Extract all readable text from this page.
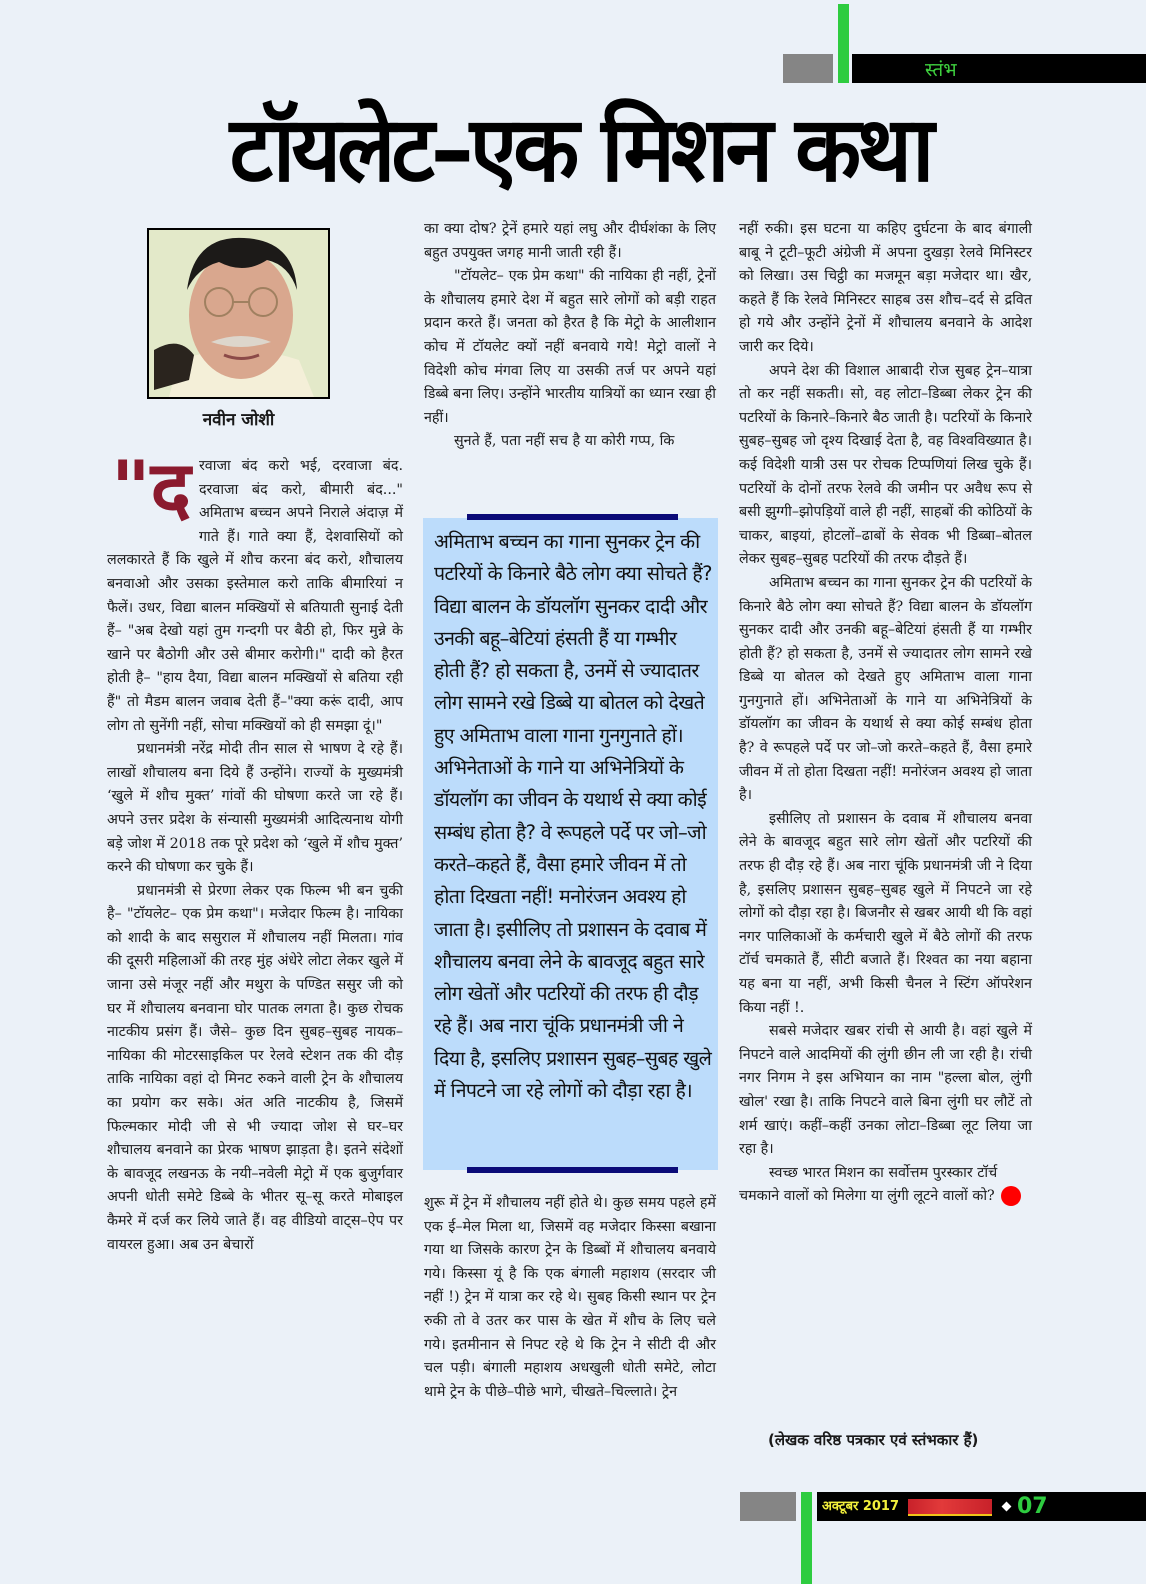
स्तंभ
टॉयलेट–एक मिशन कथा
नवीन जोशी

"द रवाजा बंद करो भई, दरवाजा बंद. दरवाजा बंद करो, बीमारी बंद..." अमिताभ बच्चन अपने निराले अंदाज़ में गाते हैं। गाते क्या हैं, देशवासियों को ललकारते हैं कि खुले में शौच करना बंद करो, शौचालय बनवाओ और उसका इस्तेमाल करो ताकि बीमारियां न फैलें। उधर, विद्या बालन मक्खियों से बतियाती सुनाई देती हैं– "अब देखो यहां तुम गन्दगी पर बैठी हो, फिर मुन्ने के खाने पर बैठोगी और उसे बीमार करोगी।" दादी को हैरत होती है– "हाय दैया, विद्या बालन मक्खियों से बतिया रही हैं" तो मैडम बालन जवाब देती हैं–"क्या करूं दादी, आप लोग तो सुनेंगी नहीं, सोचा मक्खियों को ही समझा दूं।"

प्रधानमंत्री नरेंद्र मोदी तीन साल से भाषण दे रहे हैं। लाखों शौचालय बना दिये हैं उन्होंने। राज्यों के मुख्यमंत्री ‘खुले में शौच मुक्त’ गांवों की घोषणा करते जा रहे हैं। अपने उत्तर प्रदेश के संन्यासी मुख्यमंत्री आदित्यनाथ योगी बड़े जोश में 2018 तक पूरे प्रदेश को ‘खुले में शौच मुक्त’ करने की घोषणा कर चुके हैं।

प्रधानमंत्री से प्रेरणा लेकर एक फिल्म भी बन चुकी है– "टॉयलेट– एक प्रेम कथा"। मजेदार फिल्म है। नायिका को शादी के बाद ससुराल में शौचालय नहीं मिलता। गांव की दूसरी महिलाओं की तरह मुंह अंधेरे लोटा लेकर खुले में जाना उसे मंजूर नहीं और मथुरा के पण्डित ससुर जी को घर में शौचालय बनवाना घोर पातक लगता है। कुछ रोचक नाटकीय प्रसंग हैं। जैसे– कुछ दिन सुबह–सुबह नायक–नायिका की मोटरसाइकिल पर रेलवे स्टेशन तक की दौड़ ताकि नायिका वहां दो मिनट रुकने वाली ट्रेन के शौचालय का प्रयोग कर सके। अंत अति नाटकीय है, जिसमें फिल्मकार मोदी जी से भी ज्यादा जोश से घर–घर शौचालय बनवाने का प्रेरक भाषण झाड़ता है। इतने संदेशों के बावजूद लखनऊ के नयी–नवेली मेट्रो में एक बुजुर्गवार अपनी धोती समेटे डिब्बे के भीतर सू–सू करते मोबाइल कैमरे में दर्ज कर लिये जाते हैं। वह वीडियो वाट्स–ऐप पर वायरल हुआ। अब उन बेचारों

का क्या दोष? ट्रेनें हमारे यहां लघु और दीर्घशंका के लिए बहुत उपयुक्त जगह मानी जाती रही हैं।

"टॉयलेट– एक प्रेम कथा" की नायिका ही नहीं, ट्रेनों के शौचालय हमारे देश में बहुत सारे लोगों को बड़ी राहत प्रदान करते हैं। जनता को हैरत है कि मेट्रो के आलीशान कोच में टॉयलेट क्यों नहीं बनवाये गये! मेट्रो वालों ने विदेशी कोच मंगवा लिए या उसकी तर्ज पर अपने यहां डिब्बे बना लिए। उन्होंने भारतीय यात्रियों का ध्यान रखा ही नहीं।

सुनते हैं, पता नहीं सच है या कोरी गप्प, कि

अमिताभ बच्चन का गाना सुनकर ट्रेन की पटरियों के किनारे बैठे लोग क्या सोचते हैं? विद्या बालन के डॉयलॉग सुनकर दादी और उनकी बहू–बेटियां हंसती हैं या गम्भीर होती हैं? हो सकता है, उनमें से ज्यादातर लोग सामने रखे डिब्बे या बोतल को देखते हुए अमिताभ वाला गाना गुनगुनाते हों। अभिनेताओं के गाने या अभिनेत्रियों के डॉयलॉग का जीवन के यथार्थ से क्या कोई सम्बंध होता है? वे रूपहले पर्दे पर जो–जो करते–कहते हैं, वैसा हमारे जीवन में तो होता दिखता नहीं! मनोरंजन अवश्य हो जाता है। इसीलिए तो प्रशासन के दवाब में शौचालय बनवा लेने के बावजूद बहुत सारे लोग खेतों और पटरियों की तरफ ही दौड़ रहे हैं। अब नारा चूंकि प्रधानमंत्री जी ने दिया है, इसलिए प्रशासन सुबह–सुबह खुले में निपटने जा रहे लोगों को दौड़ा रहा है।

शुरू में ट्रेन में शौचालय नहीं होते थे। कुछ समय पहले हमें एक ई–मेल मिला था, जिसमें वह मजेदार किस्सा बखाना गया था जिसके कारण ट्रेन के डिब्बों में शौचालय बनवाये गये। किस्सा यूं है कि एक बंगाली महाशय (सरदार जी नहीं !) ट्रेन में यात्रा कर रहे थे। सुबह किसी स्थान पर ट्रेन रुकी तो वे उतर कर पास के खेत में शौच के लिए चले गये। इतमीनान से निपट रहे थे कि ट्रेन ने सीटी दी और चल पड़ी। बंगाली महाशय अधखुली धोती समेटे, लोटा थामे ट्रेन के पीछे–पीछे भागे, चीखते–चिल्लाते। ट्रेन

नहीं रुकी। इस घटना या कहिए दुर्घटना के बाद बंगाली बाबू ने टूटी–फूटी अंग्रेजी में अपना दुखड़ा रेलवे मिनिस्टर को लिखा। उस चिट्ठी का मजमून बड़ा मजेदार था। खैर, कहते हैं कि रेलवे मिनिस्टर साहब उस शौच–दर्द से द्रवित हो गये और उन्होंने ट्रेनों में शौचालय बनवाने के आदेश जारी कर दिये।

अपने देश की विशाल आबादी रोज सुबह ट्रेन–यात्रा तो कर नहीं सकती। सो, वह लोटा–डिब्बा लेकर ट्रेन की पटरियों के किनारे–किनारे बैठ जाती है। पटरियों के किनारे सुबह–सुबह जो दृश्य दिखाई देता है, वह विश्वविख्यात है। कई विदेशी यात्री उस पर रोचक टिप्पणियां लिख चुके हैं। पटरियों के दोनों तरफ रेलवे की जमीन पर अवैध रूप से बसी झुग्गी–झोपड़ियों वाले ही नहीं, साहबों की कोठियों के चाकर, बाइयां, होटलों–ढाबों के सेवक भी डिब्बा–बोतल लेकर सुबह–सुबह पटरियों की तरफ दौड़ते हैं।

अमिताभ बच्चन का गाना सुनकर ट्रेन की पटरियों के किनारे बैठे लोग क्या सोचते हैं? विद्या बालन के डॉयलॉग सुनकर दादी और उनकी बहू–बेटियां हंसती हैं या गम्भीर होती हैं? हो सकता है, उनमें से ज्यादातर लोग सामने रखे डिब्बे या बोतल को देखते हुए अमिताभ वाला गाना गुनगुनाते हों। अभिनेताओं के गाने या अभिनेत्रियों के डॉयलॉग का जीवन के यथार्थ से क्या कोई सम्बंध होता है? वे रूपहले पर्दे पर जो–जो करते–कहते हैं, वैसा हमारे जीवन में तो होता दिखता नहीं! मनोरंजन अवश्य हो जाता है।

इसीलिए तो प्रशासन के दवाब में शौचालय बनवा लेने के बावजूद बहुत सारे लोग खेतों और पटरियों की तरफ ही दौड़ रहे हैं। अब नारा चूंकि प्रधानमंत्री जी ने दिया है, इसलिए प्रशासन सुबह–सुबह खुले में निपटने जा रहे लोगों को दौड़ा रहा है। बिजनौर से खबर आयी थी कि वहां नगर पालिकाओं के कर्मचारी खुले में बैठे लोगों की तरफ टॉर्च चमकाते हैं, सीटी बजाते हैं। रिश्वत का नया बहाना यह बना या नहीं, अभी किसी चैनल ने स्टिंग ऑपरेशन किया नहीं !.

सबसे मजेदार खबर रांची से आयी है। वहां खुले में निपटने वाले आदमियों की लुंगी छीन ली जा रही है। रांची नगर निगम ने इस अभियान का नाम "हल्ला बोल, लुंगी खोल' रखा है। ताकि निपटने वाले बिना लुंगी घर लौटें तो शर्म खाएं। कहीं–कहीं उनका लोटा–डिब्बा लूट लिया जा रहा है।

स्वच्छ भारत मिशन का सर्वोत्तम पुरस्कार टॉर्च चमकाने वालों को मिलेगा या लुंगी लूटने वालों को?

(लेखक वरिष्ठ पत्रकार एवं स्तंभकार हैं)
अक्टूबर 2017	07
